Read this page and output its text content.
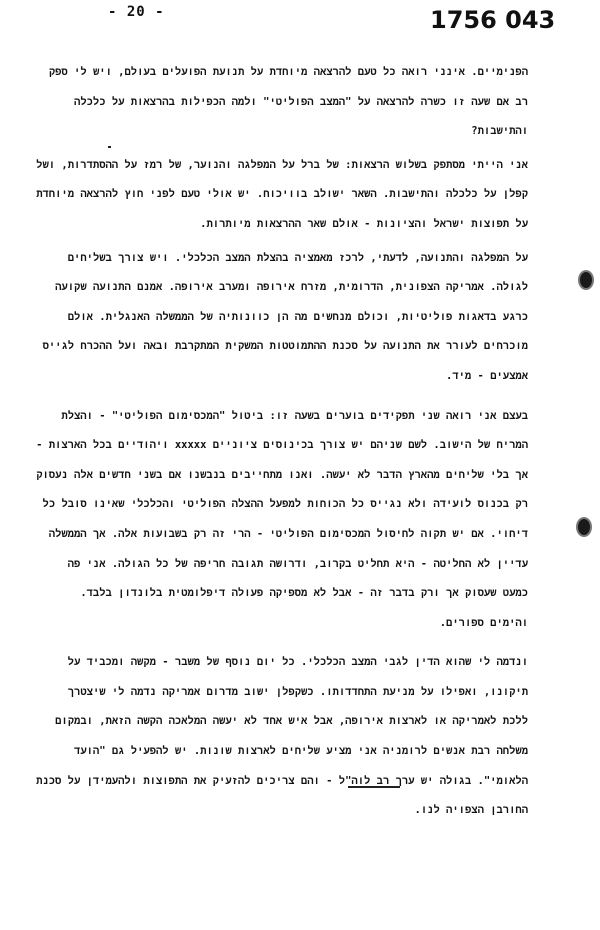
- 20 -	1756 043
הפנימיים. אינני רואה כל טעם להרצאה מיוחדת על תנועת הפועלים בעולם, ויש לי ספק
רב אם שעה זו כשרה להרצאה על "המצב הפוליטי" ולמה הכפילות בהרצאות על כלכלה
והתישבות?
אני הייתי מסתפק בשלוש הרצאות: של ברל על המפלגה והנוער, של רמז על ההסתדרות, ושל
קפלן על כלכלה והתישבות. השאר ישולב בוויכוח. יש אולי טעם לפני חוץ להרצאה מיוחדת
על תפוצות ישראל והציונות - אולם שאר ההרצאות מיותרות.
על המפלגה והתנועה, לדעתי, לרכז מאמציה בהצלת המצב הכלכלי. ויש צורך בשליחים
לגולה. אמריקה הצפונית, הדרומית, מזרח אירופה ומערב אירופה. אמנם התנועה שקועה
כרגע בדאגות פוליטיות, וכולם מנחשים מה הן כוונותיה של הממשלה האנגלית. אולם
מוכרחים לעורר את התנועה על סכנת ההתמוטטות המשקית המתקרבת ובאה ועל ההכרח לגייס
אמצעים - מיד.
בעצם אני רואה שני תפקידים בוערים בשעה זו: ביטול "המכסימום הפוליטי" - והצלת
המריח של הישוב. לשם שניהם יש צורך בכינוסים ציוניים xxxxx ויהודיים בכל הארצות -
אך בלי שליחים מהארץ הדבר לא יעשה. ואנו מתחייבים בנבשנו אם בשני חדשים אלה נעסוק
רק בכנוס לועידה ולא נגייס כל הכוחות למפעל ההצלה הפוליטי והכלכלי שאינו סובל כל
דיחוי. אם יש תקוה לחיסול המכסימום הפוליטי - הרי זה רק בשבועות אלה. אך הממשלה
עדיין לא החליטה - היא תחליט בקרוב, ודרושה תגובה חריפה של כל הגולה. אני פה
כמעט שעסוק אך ורק בדבר זה - אבל לא מספיקה פעולה דיפלומטית בלונדון בלבד.
והימים ספורים.
ונדמה לי שהוא הדין לגבי המצב הכלכלי. כל יום נוסף של משבר - מקשה ומכביד על
תיקונו, ואפילו על מניעת התחדדותו. כשקפלן ישוב מדרום אמריקה נדמה לי שיצטרך
ללכת לאמריקה או לארצות אירופה, אבל איש אחד לא יעשה המלאכה הקשה הזאת, ובמקום
משלחה רבת אנשים לרומניה אני מציע שליחים לארצות שונות. יש להפעיל גם "הועד
הלאומי". בגולה יש ערך רב לוה"ל - והם צריכים להזעיק את התפוצות ולהעמידן על סכנת
החורבן הצפויה לנו.
